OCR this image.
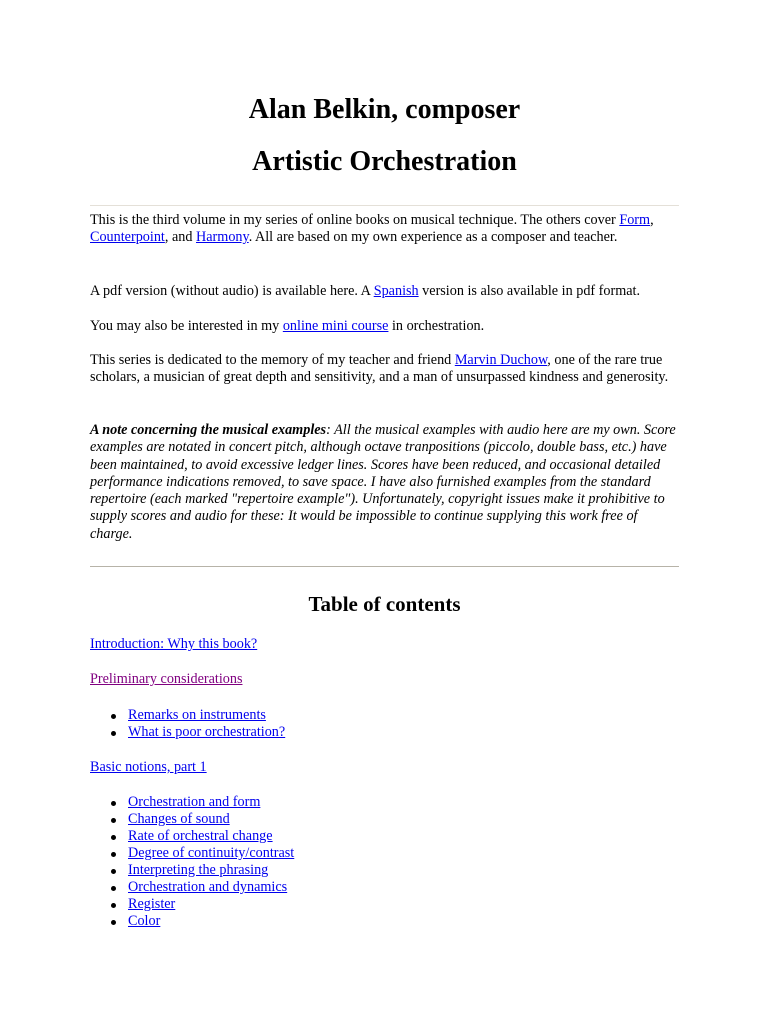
Alan Belkin, composer
Artistic Orchestration

This is the third volume in my series of online books on musical technique. The others cover Form, Counterpoint, and Harmony. All are based on my own experience as a composer and teacher.

A pdf version (without audio) is available here. A Spanish version is also available in pdf format.

You may also be interested in my online mini course in orchestration.

This series is dedicated to the memory of my teacher and friend Marvin Duchow, one of the rare true scholars, a musician of great depth and sensitivity, and a man of unsurpassed kindness and generosity.

A note concerning the musical examples: All the musical examples with audio here are my own. Score examples are notated in concert pitch, although octave tranpositions (piccolo, double bass, etc.) have been maintained, to avoid excessive ledger lines. Scores have been reduced, and occasional detailed performance indications removed, to save space. I have also furnished examples from the standard repertoire (each marked "repertoire example"). Unfortunately, copyright issues make it prohibitive to supply scores and audio for these: It would be impossible to continue supplying this work free of charge.

Table of contents
Introduction: Why this book?
Preliminary considerations
Remarks on instruments
What is poor orchestration?
Basic notions, part 1
Orchestration and form
Changes of sound
Rate of orchestral change
Degree of continuity/contrast
Interpreting the phrasing
Orchestration and dynamics
Register
Color
